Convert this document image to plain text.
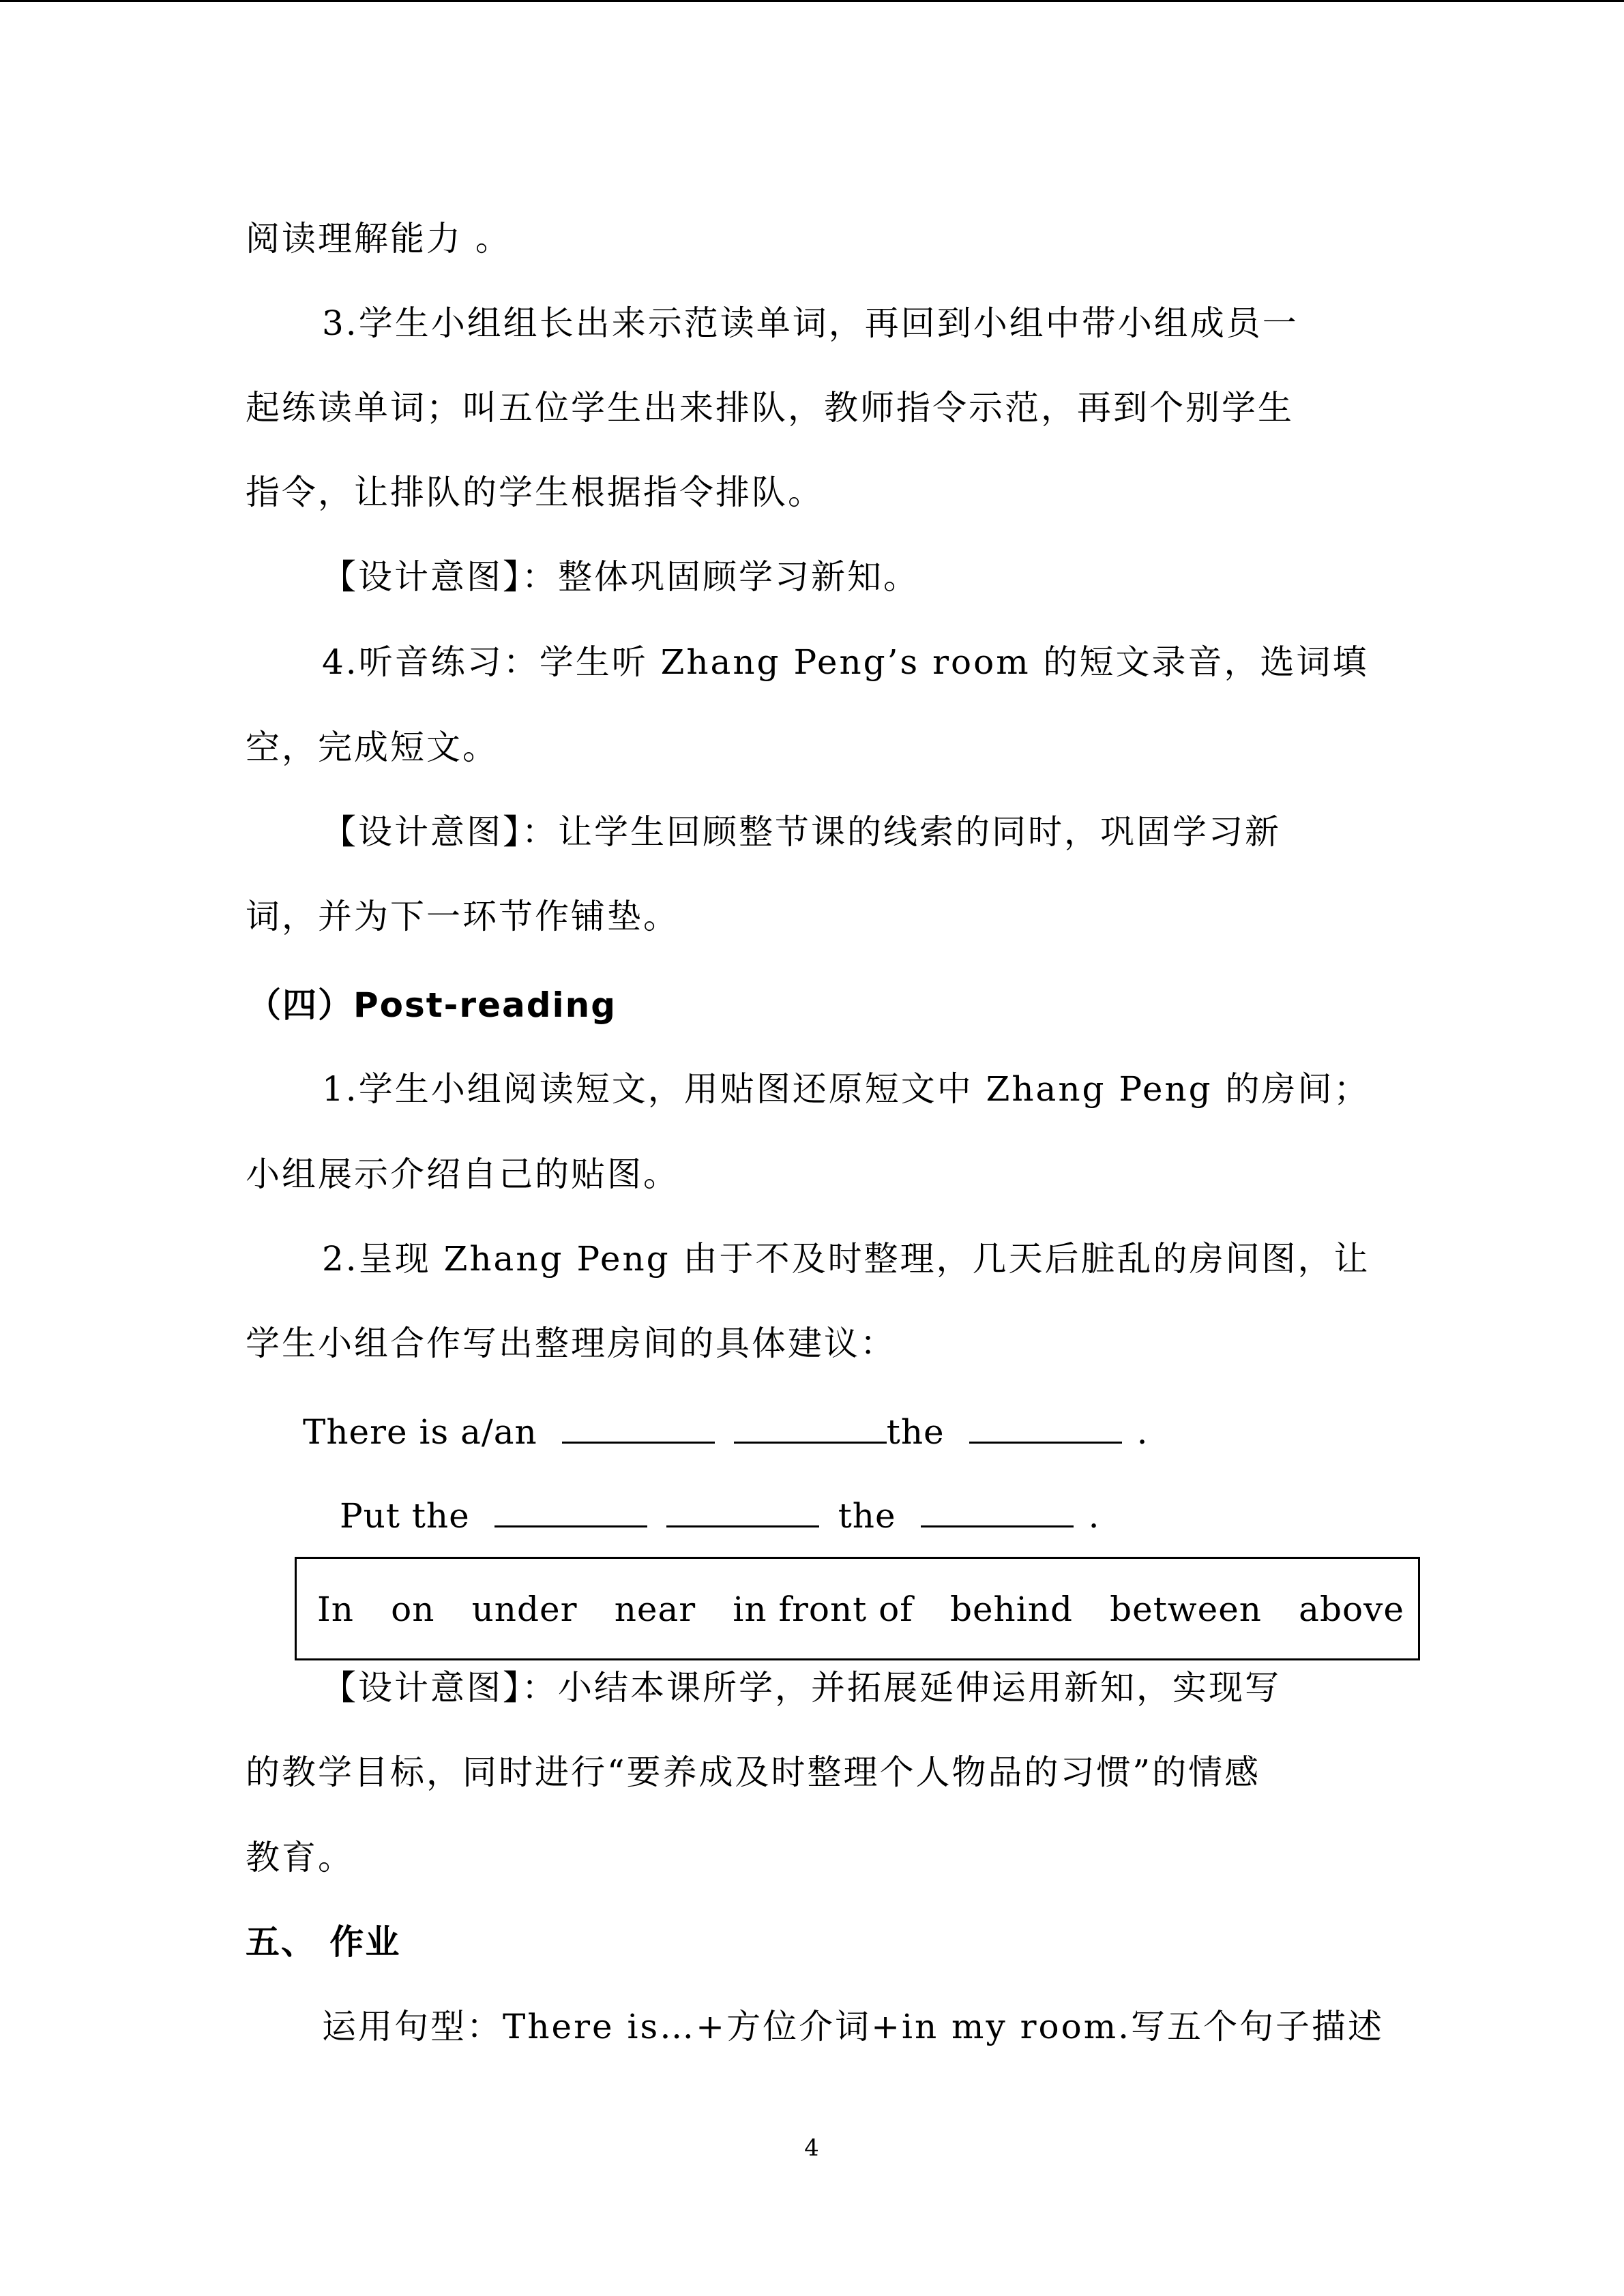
阅读理解能力 。
3.学生小组组长出来示范读单词，再回到小组中带小组成员一
起练读单词；叫五位学生出来排队，教师指令示范，再到个别学生
指令，让排队的学生根据指令排队。
【设计意图】：整体巩固顾学习新知。
4.听音练习：学生听 Zhang Peng’s room 的短文录音，选词填
空，完成短文。
【设计意图】：让学生回顾整节课的线索的同时，巩固学习新
词，并为下一环节作铺垫。
（四）Post-reading
1.学生小组阅读短文，用贴图还原短文中 Zhang Peng 的房间；
小组展示介绍自己的贴图。
2.呈现 Zhang Peng 由于不及时整理，几天后脏乱的房间图，让
学生小组合作写出整理房间的具体建议：
There is a/an	the	.
Put the	the	.
In on under near in front of behind between above
【设计意图】：小结本课所学，并拓展延伸运用新知，实现写
的教学目标，同时进行“要养成及时整理个人物品的习惯”的情感
教育。
五、 作业
运用句型：There is…+方位介词+in my room.写五个句子描述
4
